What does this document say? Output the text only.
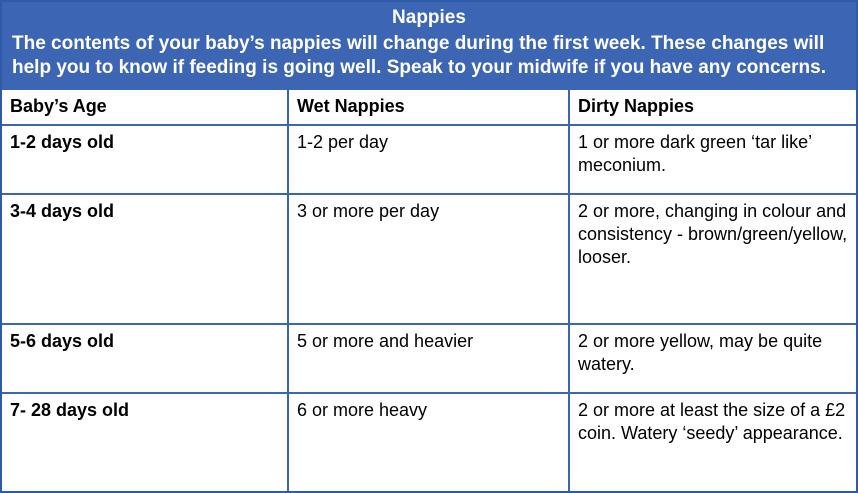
Nappies
The contents of your baby’s nappies will change during the first week. These changes will help you to know if feeding is going well. Speak to your midwife if you have any concerns.
Baby’s Age	Wet Nappies	Dirty Nappies
1-2 days old	1-2 per day	1 or more dark green ‘tar like’ meconium.
3-4 days old	3 or more per day	2 or more, changing in colour and consistency - brown/green/yellow, looser.
5-6 days old	5 or more and heavier	2 or more yellow, may be quite watery.
7- 28 days old	6 or more heavy	2 or more at least the size of a £2 coin. Watery ‘seedy’ appearance.
